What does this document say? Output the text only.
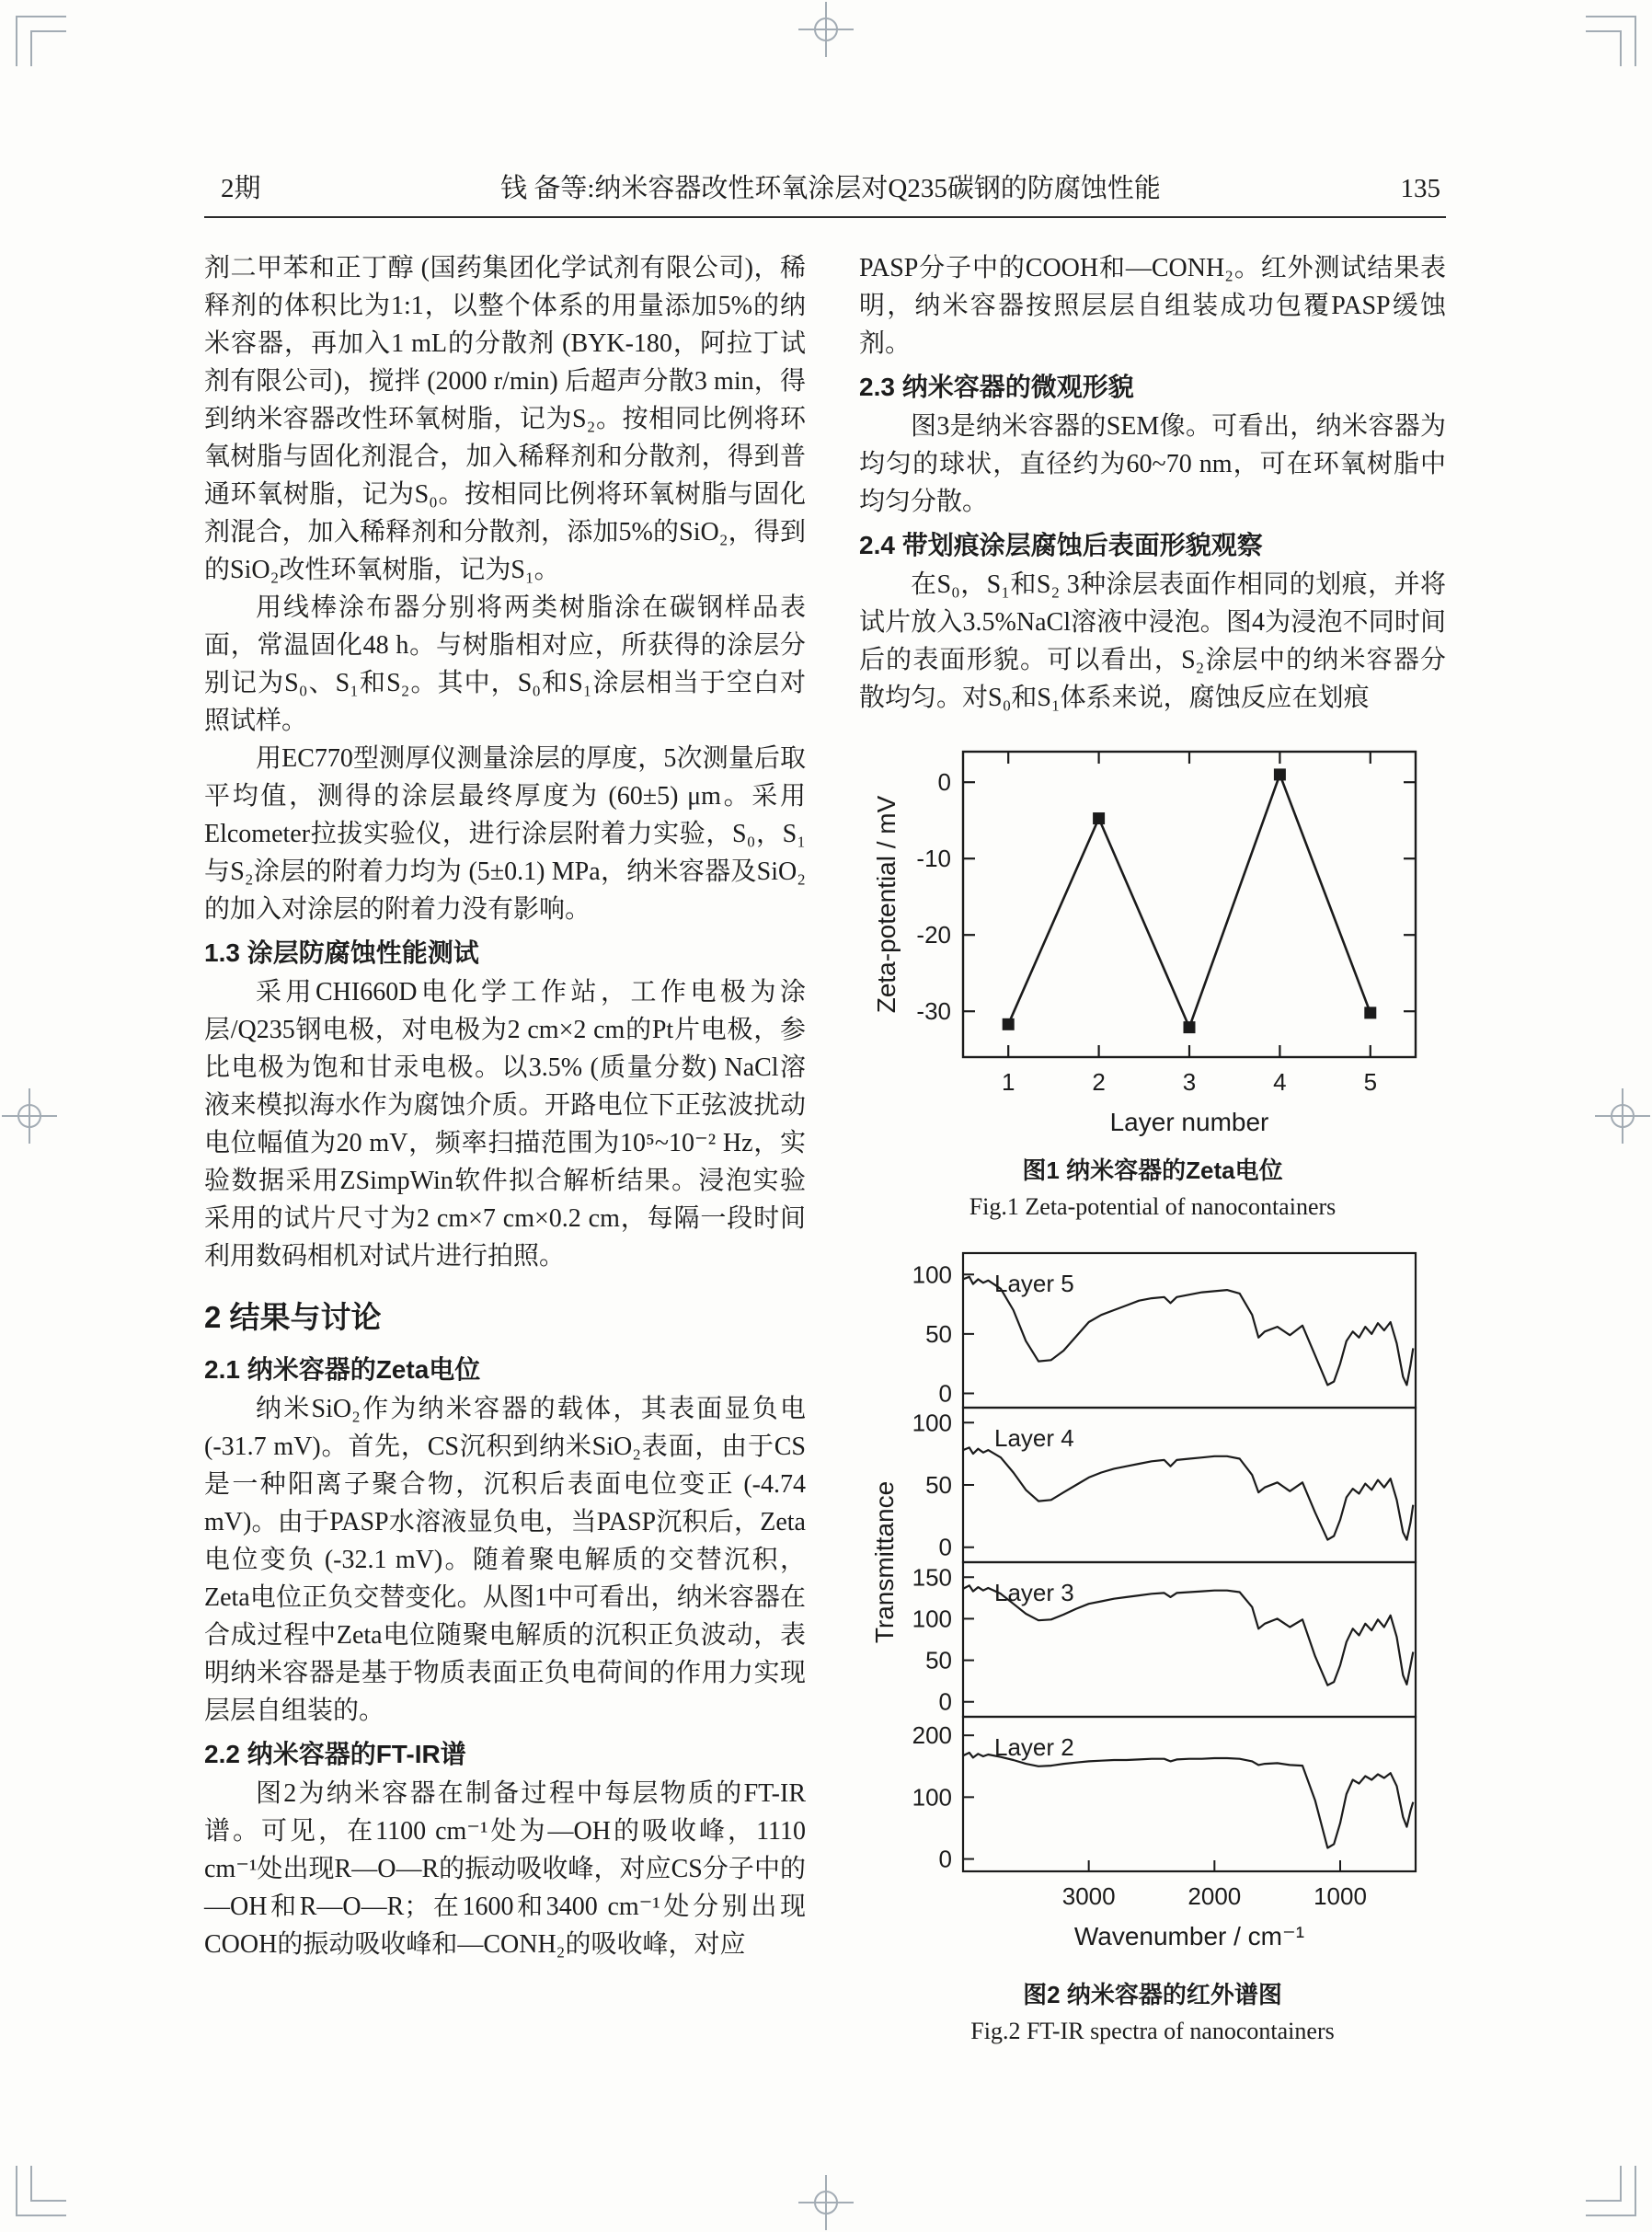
2期	钱 备等:纳米容器改性环氧涂层对Q235碳钢的防腐蚀性能	135

剂二甲苯和正丁醇 (国药集团化学试剂有限公司)，稀释剂的体积比为1:1，以整个体系的用量添加5%的纳米容器，再加入1 mL的分散剂 (BYK-180，阿拉丁试剂有限公司)，搅拌 (2000 r/min) 后超声分散3 min，得到纳米容器改性环氧树脂，记为S₂。按相同比例将环氧树脂与固化剂混合，加入稀释剂和分散剂，得到普通环氧树脂，记为S₀。按相同比例将环氧树脂与固化剂混合，加入稀释剂和分散剂，添加5%的SiO₂，得到的SiO₂改性环氧树脂，记为S₁。

用线棒涂布器分别将两类树脂涂在碳钢样品表面，常温固化48 h。与树脂相对应，所获得的涂层分别记为S₀、S₁和S₂。其中，S₀和S₁涂层相当于空白对照试样。

用EC770型测厚仪测量涂层的厚度，5次测量后取平均值，测得的涂层最终厚度为 (60±5) μm。采用Elcometer拉拔实验仪，进行涂层附着力实验，S₀，S₁与S₂涂层的附着力均为 (5±0.1) MPa，纳米容器及SiO₂的加入对涂层的附着力没有影响。

1.3 涂层防腐蚀性能测试

采用CHI660D电化学工作站，工作电极为涂层/Q235钢电极，对电极为2 cm×2 cm的Pt片电极，参比电极为饱和甘汞电极。以3.5% (质量分数) NaCl溶液来模拟海水作为腐蚀介质。开路电位下正弦波扰动电位幅值为20 mV，频率扫描范围为10⁵~10⁻² Hz，实验数据采用ZSimpWin软件拟合解析结果。浸泡实验采用的试片尺寸为2 cm×7 cm×0.2 cm，每隔一段时间利用数码相机对试片进行拍照。

2 结果与讨论
2.1 纳米容器的Zeta电位

纳米SiO₂作为纳米容器的载体，其表面显负电 (-31.7 mV)。首先，CS沉积到纳米SiO₂表面，由于CS是一种阳离子聚合物，沉积后表面电位变正 (-4.74 mV)。由于PASP水溶液显负电，当PASP沉积后，Zeta电位变负 (-32.1 mV)。随着聚电解质的交替沉积，Zeta电位正负交替变化。从图1中可看出，纳米容器在合成过程中Zeta电位随聚电解质的沉积正负波动，表明纳米容器是基于物质表面正负电荷间的作用力实现层层自组装的。

2.2 纳米容器的FT-IR谱

图2为纳米容器在制备过程中每层物质的FT-IR谱。可见，在1100 cm⁻¹处为—OH的吸收峰，1110 cm⁻¹处出现R—O—R的振动吸收峰，对应CS分子中的—OH和R—O—R；在1600和3400 cm⁻¹处分别出现COOH的振动吸收峰和—CONH₂的吸收峰，对应

PASP分子中的COOH和—CONH₂。红外测试结果表明，纳米容器按照层层自组装成功包覆PASP缓蚀剂。

2.3 纳米容器的微观形貌

图3是纳米容器的SEM像。可看出，纳米容器为均匀的球状，直径约为60~70 nm，可在环氧树脂中均匀分散。

2.4 带划痕涂层腐蚀后表面形貌观察

在S₀，S₁和S₂ 3种涂层表面作相同的划痕，并将试片放入3.5%NaCl溶液中浸泡。图4为浸泡不同时间后的表面形貌。可以看出，S₂涂层中的纳米容器分散均匀。对S₀和S₁体系来说，腐蚀反应在划痕

0
-10
-20
-30
1	2	3	4	5
Layer number
Zeta-potential / mV
图1 纳米容器的Zeta电位
Fig.1 Zeta-potential of nanocontainers
0
50
100 Layer 5
0
50
100
Layer 4
0
50
100
150
Layer 3
0
100
200 Layer 2
3000	2000	1000
Wavenumber / cm⁻¹
Transmittance
图2 纳米容器的红外谱图
Fig.2 FT-IR spectra of nanocontainers
